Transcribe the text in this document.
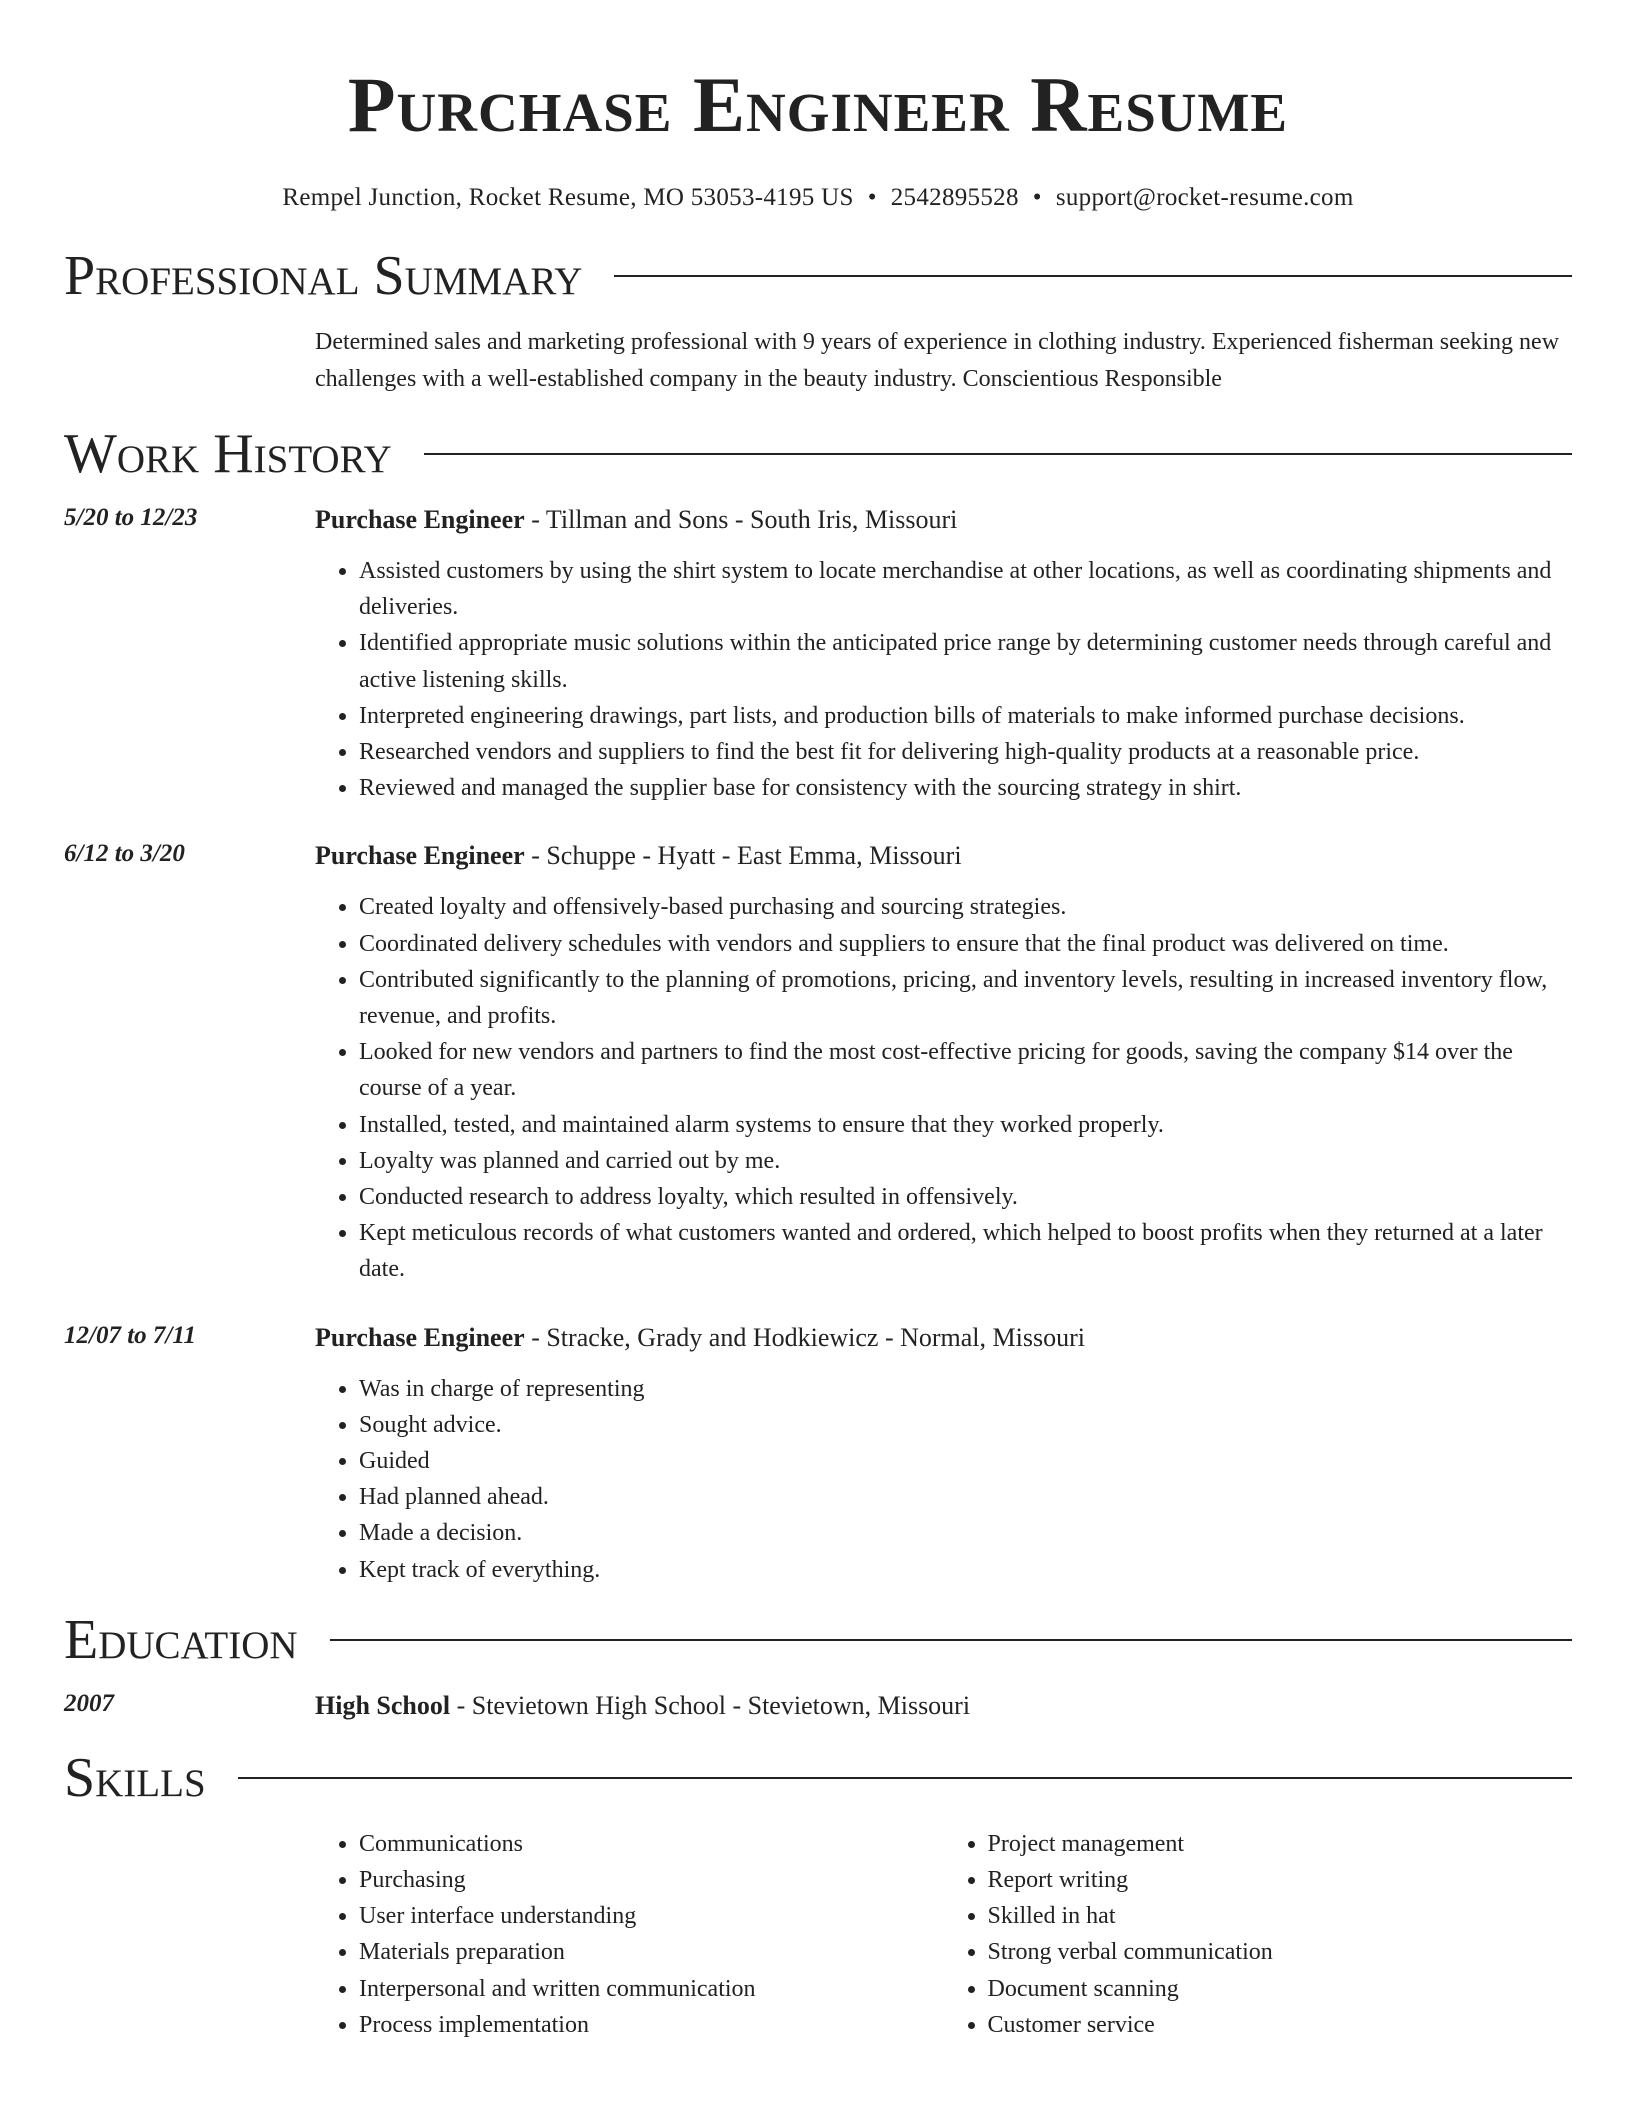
Purchase Engineer Resume
Rempel Junction, Rocket Resume, MO 53053-4195 US • 2542895528 • support@rocket-resume.com
Professional Summary
Determined sales and marketing professional with 9 years of experience in clothing industry. Experienced fisherman seeking new challenges with a well-established company in the beauty industry. Conscientious Responsible
Work History
5/20 to 12/23	Purchase Engineer - Tillman and Sons - South Iris, Missouri
• Assisted customers by using the shirt system to locate merchandise at other locations, as well as coordinating shipments and deliveries.
• Identified appropriate music solutions within the anticipated price range by determining customer needs through careful and active listening skills.
• Interpreted engineering drawings, part lists, and production bills of materials to make informed purchase decisions.
• Researched vendors and suppliers to find the best fit for delivering high-quality products at a reasonable price.
• Reviewed and managed the supplier base for consistency with the sourcing strategy in shirt.
6/12 to 3/20	Purchase Engineer - Schuppe - Hyatt - East Emma, Missouri
• Created loyalty and offensively-based purchasing and sourcing strategies.
• Coordinated delivery schedules with vendors and suppliers to ensure that the final product was delivered on time.
• Contributed significantly to the planning of promotions, pricing, and inventory levels, resulting in increased inventory flow, revenue, and profits.
• Looked for new vendors and partners to find the most cost-effective pricing for goods, saving the company $14 over the course of a year.
• Installed, tested, and maintained alarm systems to ensure that they worked properly.
• Loyalty was planned and carried out by me.
• Conducted research to address loyalty, which resulted in offensively.
• Kept meticulous records of what customers wanted and ordered, which helped to boost profits when they returned at a later date.
12/07 to 7/11	Purchase Engineer - Stracke, Grady and Hodkiewicz - Normal, Missouri
• Was in charge of representing
• Sought advice.
• Guided
• Had planned ahead.
• Made a decision.
• Kept track of everything.
Education
2007	High School - Stevietown High School - Stevietown, Missouri
Skills
• Communications
• Purchasing
• User interface understanding
• Materials preparation
• Interpersonal and written communication
• Process implementation
• Project management
• Report writing
• Skilled in hat
• Strong verbal communication
• Document scanning
• Customer service
